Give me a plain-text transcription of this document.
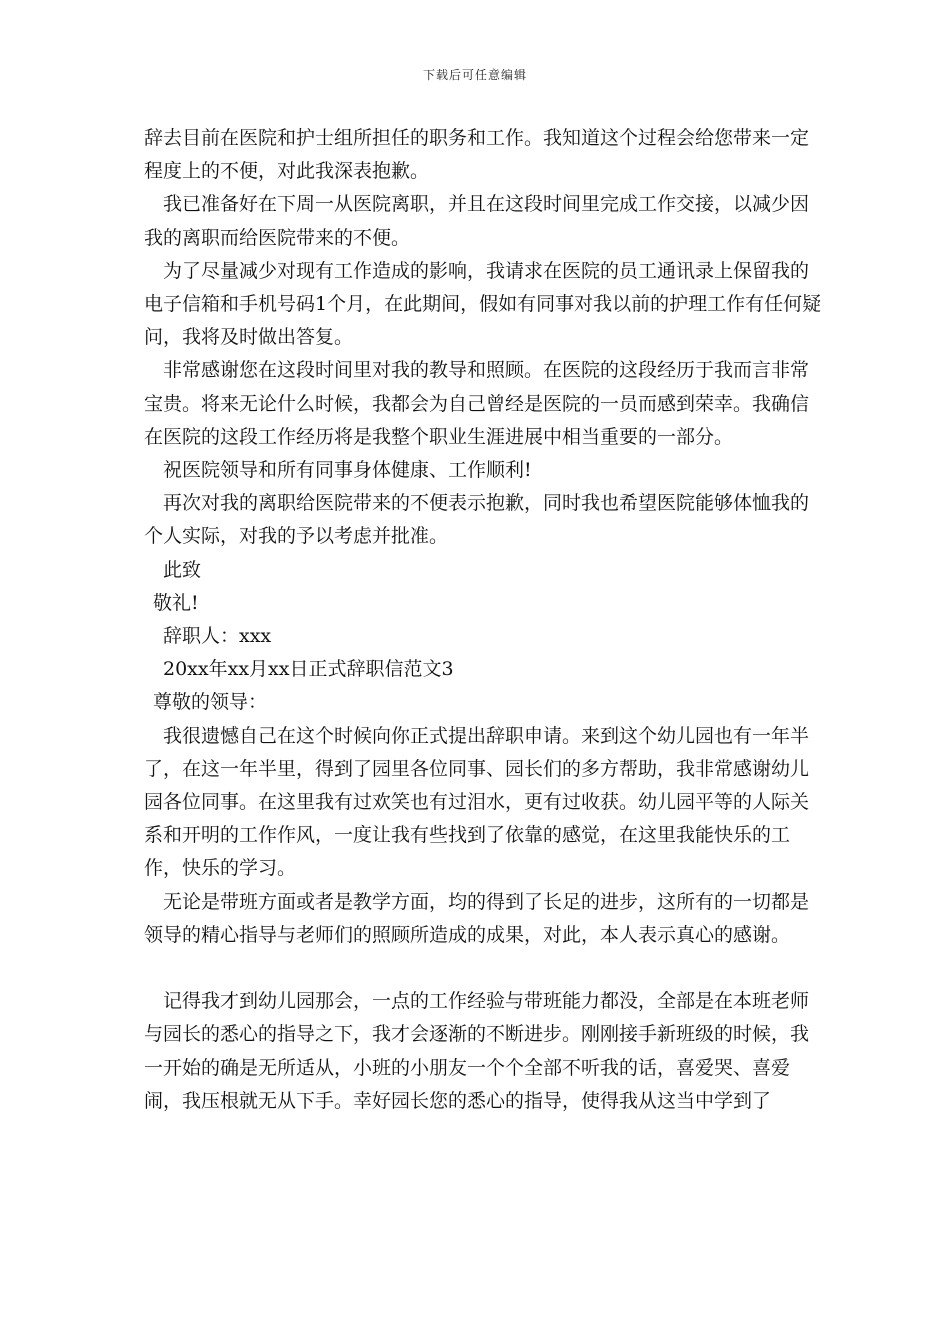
下载后可任意编辑

辞去目前在医院和护士组所担任的职务和工作。我知道这个过程会给您带来一定程度上的不便，对此我深表抱歉。

我已准备好在下周一从医院离职，并且在这段时间里完成工作交接，以减少因我的离职而给医院带来的不便。

为了尽量减少对现有工作造成的影响，我请求在医院的员工通讯录上保留我的电子信箱和手机号码1个月，在此期间，假如有同事对我以前的护理工作有任何疑问，我将及时做出答复。

非常感谢您在这段时间里对我的教导和照顾。在医院的这段经历于我而言非常宝贵。将来无论什么时候，我都会为自己曾经是医院的一员而感到荣幸。我确信在医院的这段工作经历将是我整个职业生涯进展中相当重要的一部分。

祝医院领导和所有同事身体健康、工作顺利!

再次对我的离职给医院带来的不便表示抱歉，同时我也希望医院能够体恤我的个人实际，对我的予以考虑并批准。

此致

敬礼!

辞职人：xxx

20xx年xx月xx日正式辞职信范文3

尊敬的领导：

我很遗憾自己在这个时候向你正式提出辞职申请。来到这个幼儿园也有一年半了，在这一年半里，得到了园里各位同事、园长们的多方帮助，我非常感谢幼儿园各位同事。在这里我有过欢笑也有过泪水，更有过收获。幼儿园平等的人际关系和开明的工作作风，一度让我有些找到了依靠的感觉，在这里我能快乐的工作，快乐的学习。

无论是带班方面或者是教学方面，均的得到了长足的进步，这所有的一切都是领导的精心指导与老师们的照顾所造成的成果，对此，本人表示真心的感谢。

记得我才到幼儿园那会，一点的工作经验与带班能力都没，全部是在本班老师与园长的悉心的指导之下，我才会逐渐的不断进步。刚刚接手新班级的时候，我一开始的确是无所适从，小班的小朋友一个个全部不听我的话，喜爱哭、喜爱闹，我压根就无从下手。幸好园长您的悉心的指导，使得我从这当中学到了
